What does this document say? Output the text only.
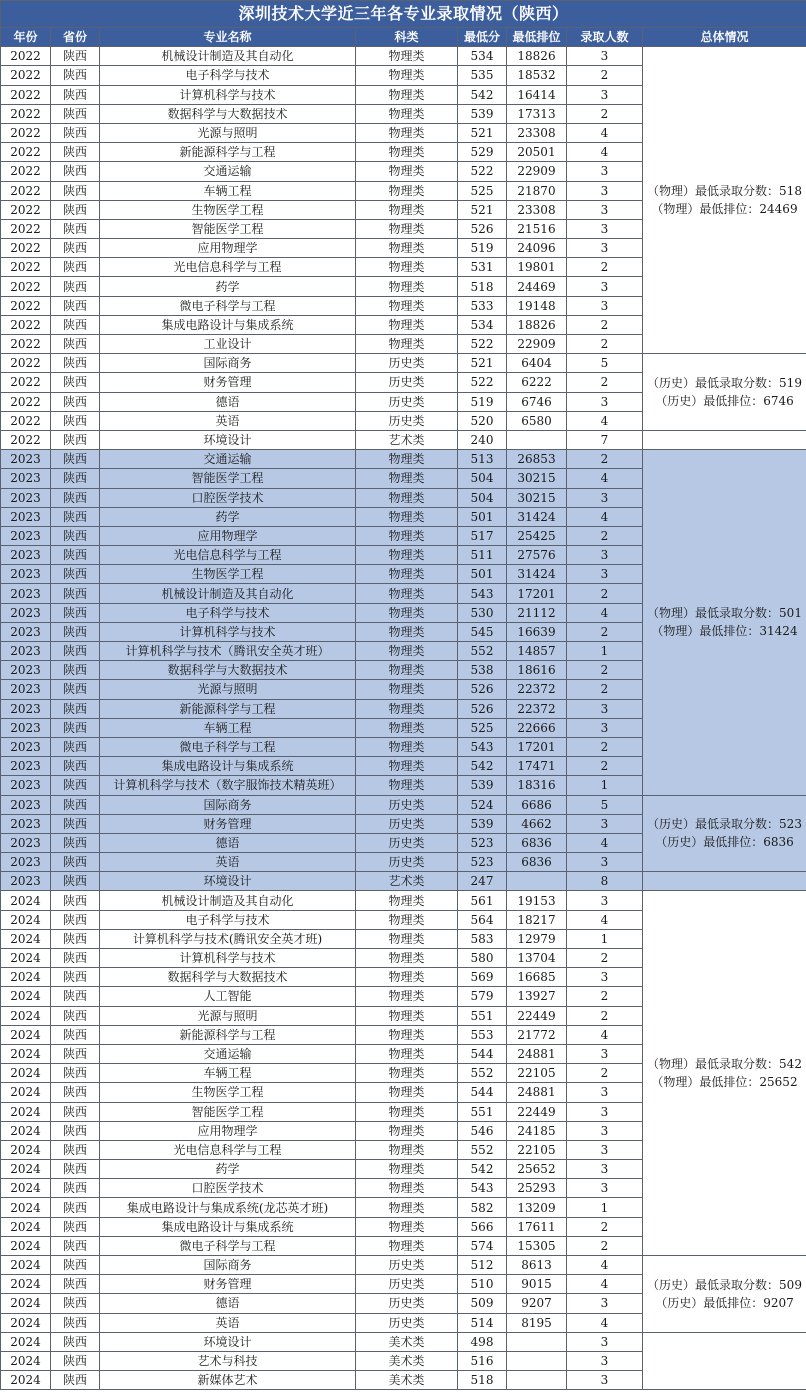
深圳技术大学近三年各专业录取情况（陕西）
年份	省份	专业名称	科类	最低分	最低排位	录取人数	总体情况
2022	陕西	机械设计制造及其自动化	物理类	534	18826	3	（物理）最低录取分数：518
（物理）最低排位：24469

2022	陕西	电子科学与技术	物理类	535	18532	2	
2022	陕西	计算机科学与技术	物理类	542	16414	3	
2022	陕西	数据科学与大数据技术	物理类	539	17313	2	
2022	陕西	光源与照明	物理类	521	23308	4	
2022	陕西	新能源科学与工程	物理类	529	20501	4	
2022	陕西	交通运输	物理类	522	22909	3	
2022	陕西	车辆工程	物理类	525	21870	3	
2022	陕西	生物医学工程	物理类	521	23308	3	
2022	陕西	智能医学工程	物理类	526	21516	3	
2022	陕西	应用物理学	物理类	519	24096	3	
2022	陕西	光电信息科学与工程	物理类	531	19801	2	
2022	陕西	药学	物理类	518	24469	3	
2022	陕西	微电子科学与工程	物理类	533	19148	3	
2022	陕西	集成电路设计与集成系统	物理类	534	18826	2	
2022	陕西	工业设计	物理类	522	22909	2	
2022	陕西	国际商务	历史类	521	6404	5	（历史）最低录取分数：519
（历史）最低排位：6746

2022	陕西	财务管理	历史类	522	6222	2	
2022	陕西	德语	历史类	519	6746	3	
2022	陕西	英语	历史类	520	6580	4	
2022	陕西	环境设计	艺术类	240		7	
2023	陕西	交通运输	物理类	513	26853	2	（物理）最低录取分数：501
（物理）最低排位：31424

2023	陕西	智能医学工程	物理类	504	30215	4	
2023	陕西	口腔医学技术	物理类	504	30215	3	
2023	陕西	药学	物理类	501	31424	4	
2023	陕西	应用物理学	物理类	517	25425	2	
2023	陕西	光电信息科学与工程	物理类	511	27576	3	
2023	陕西	生物医学工程	物理类	501	31424	3	
2023	陕西	机械设计制造及其自动化	物理类	543	17201	2	
2023	陕西	电子科学与技术	物理类	530	21112	4	
2023	陕西	计算机科学与技术	物理类	545	16639	2	
2023	陕西	计算机科学与技术（腾讯安全英才班）	物理类	552	14857	1	
2023	陕西	数据科学与大数据技术	物理类	538	18616	2	
2023	陕西	光源与照明	物理类	526	22372	2	
2023	陕西	新能源科学与工程	物理类	526	22372	3	
2023	陕西	车辆工程	物理类	525	22666	3	
2023	陕西	微电子科学与工程	物理类	543	17201	2	
2023	陕西	集成电路设计与集成系统	物理类	542	17471	2	
2023	陕西	计算机科学与技术（数字服饰技术精英班）	物理类	539	18316	1	
2023	陕西	国际商务	历史类	524	6686	5	（历史）最低录取分数：523
（历史）最低排位：6836

2023	陕西	财务管理	历史类	539	4662	3	
2023	陕西	德语	历史类	523	6836	4	
2023	陕西	英语	历史类	523	6836	3	
2023	陕西	环境设计	艺术类	247		8	
2024	陕西	机械设计制造及其自动化	物理类	561	19153	3	（物理）最低录取分数：542
（物理）最低排位：25652

2024	陕西	电子科学与技术	物理类	564	18217	4	
2024	陕西	计算机科学与技术(腾讯安全英才班)	物理类	583	12979	1	
2024	陕西	计算机科学与技术	物理类	580	13704	2	
2024	陕西	数据科学与大数据技术	物理类	569	16685	3	
2024	陕西	人工智能	物理类	579	13927	2	
2024	陕西	光源与照明	物理类	551	22449	2	
2024	陕西	新能源科学与工程	物理类	553	21772	4	
2024	陕西	交通运输	物理类	544	24881	3	
2024	陕西	车辆工程	物理类	552	22105	2	
2024	陕西	生物医学工程	物理类	544	24881	3	
2024	陕西	智能医学工程	物理类	551	22449	3	
2024	陕西	应用物理学	物理类	546	24185	3	
2024	陕西	光电信息科学与工程	物理类	552	22105	3	
2024	陕西	药学	物理类	542	25652	3	
2024	陕西	口腔医学技术	物理类	543	25293	3	
2024	陕西	集成电路设计与集成系统(龙芯英才班)	物理类	582	13209	1	
2024	陕西	集成电路设计与集成系统	物理类	566	17611	2	
2024	陕西	微电子科学与工程	物理类	574	15305	2	
2024	陕西	国际商务	历史类	512	8613	4	（历史）最低录取分数：509
（历史）最低排位：9207

2024	陕西	财务管理	历史类	510	9015	4	
2024	陕西	德语	历史类	509	9207	3	
2024	陕西	英语	历史类	514	8195	4	
2024	陕西	环境设计	美术类	498		3	
2024	陕西	艺术与科技	美术类	516		3	
2024	陕西	新媒体艺术	美术类	518		3	
